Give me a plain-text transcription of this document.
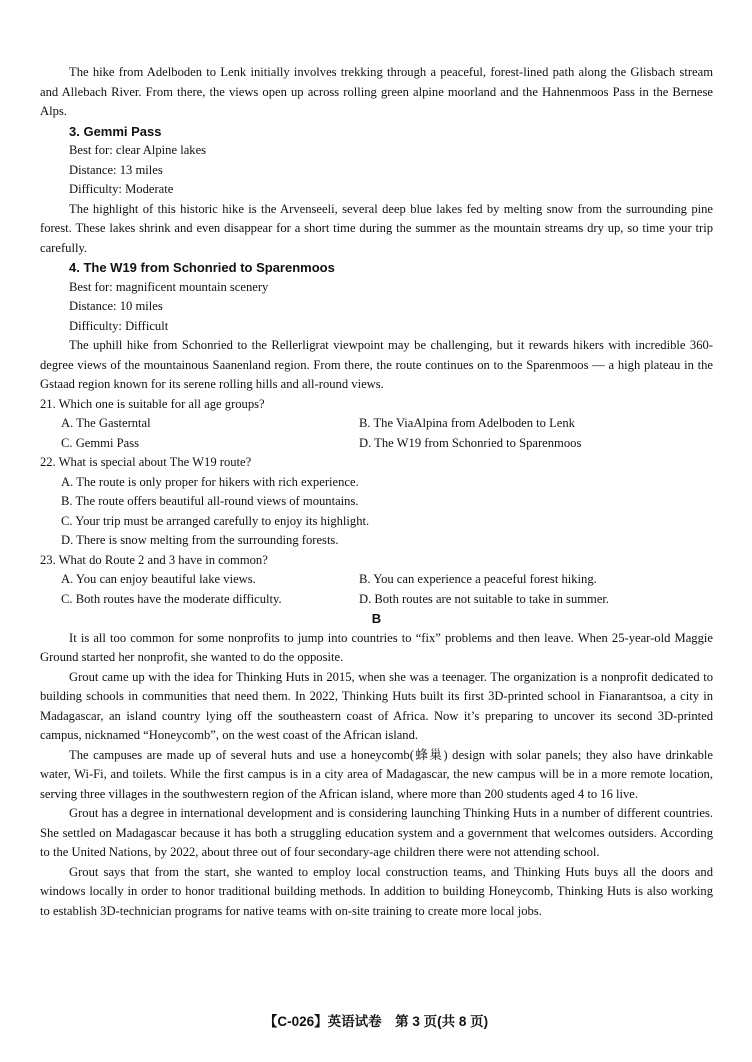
The hike from Adelboden to Lenk initially involves trekking through a peaceful, forest-lined path along the Glisbach stream and Allebach River. From there, the views open up across rolling green alpine moorland and the Hahnenmoos Pass in the Bernese Alps.

3. Gemmi Pass

Best for: clear Alpine lakes

Distance: 13 miles

Difficulty: Moderate

The highlight of this historic hike is the Arvenseeli, several deep blue lakes fed by melting snow from the surrounding pine forest. These lakes shrink and even disappear for a short time during the summer as the mountain streams dry up, so time your trip carefully.

4. The W19 from Schonried to Sparenmoos

Best for: magnificent mountain scenery

Distance: 10 miles

Difficulty: Difficult

The uphill hike from Schonried to the Rellerligrat viewpoint may be challenging, but it rewards hikers with incredible 360-degree views of the mountainous Saanenland region. From there, the route continues on to the Sparenmoos — a high plateau in the Gstaad region known for its serene rolling hills and all-round views.

21. Which one is suitable for all age groups?

A. The Gasterntal	B. The ViaAlpina from Adelboden to Lenk
C. Gemmi Pass	D. The W19 from Schonried to Sparenmoos

22. What is special about The W19 route?

A. The route is only proper for hikers with rich experience.
B. The route offers beautiful all-round views of mountains.
C. Your trip must be arranged carefully to enjoy its highlight.
D. There is snow melting from the surrounding forests.

23. What do Route 2 and 3 have in common?

A. You can enjoy beautiful lake views.	B. You can experience a peaceful forest hiking.
C. Both routes have the moderate difficulty.	D. Both routes are not suitable to take in summer.

B

It is all too common for some nonprofits to jump into countries to “fix” problems and then leave. When 25-year-old Maggie Ground started her nonprofit, she wanted to do the opposite.

Grout came up with the idea for Thinking Huts in 2015, when she was a teenager. The organization is a nonprofit dedicated to building schools in communities that need them. In 2022, Thinking Huts built its first 3D-printed school in Fianarantsoa, a city in Madagascar, an island country lying off the southeastern coast of Africa. Now it’s preparing to uncover its second 3D-printed campus, nicknamed “Honeycomb”, on the west coast of the African island.

The campuses are made up of several huts and use a honeycomb(蜂巢) design with solar panels; they also have drinkable water, Wi-Fi, and toilets. While the first campus is in a city area of Madagascar, the new campus will be in a more remote location, serving three villages in the southwestern region of the African island, where more than 200 students aged 4 to 16 live.

Grout has a degree in international development and is considering launching Thinking Huts in a number of different countries. She settled on Madagascar because it has both a struggling education system and a government that welcomes outsiders. According to the United Nations, by 2022, about three out of four secondary-age children there were not attending school.

Grout says that from the start, she wanted to employ local construction teams, and Thinking Huts buys all the doors and windows locally in order to honor traditional building methods. In addition to building Honeycomb, Thinking Huts is also working to establish 3D-technician programs for native teams with on-site training to create more local jobs.

【C-026】英语试卷　第 3 页(共 8 页)
